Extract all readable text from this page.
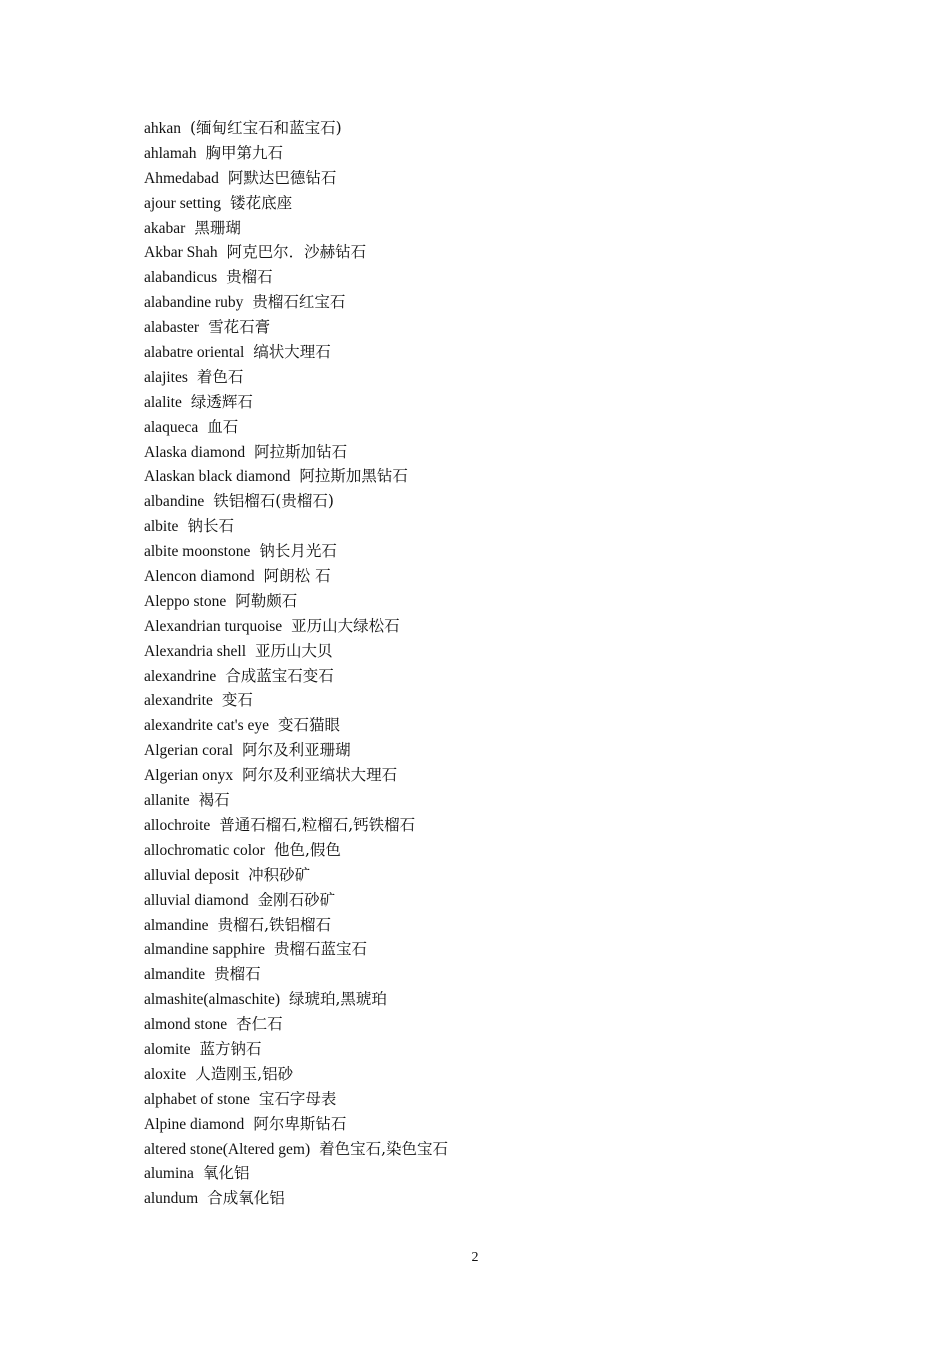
ahkan (缅甸红宝石和蓝宝石)
ahlamah 胸甲第九石
Ahmedabad 阿默达巴德钻石
ajour setting 镂花底座
akabar 黑珊瑚
Akbar Shah 阿克巴尔．沙赫钻石
alabandicus 贵榴石
alabandine ruby 贵榴石红宝石
alabaster 雪花石膏
alabatre oriental 缟状大理石
alajites 着色石
alalite 绿透辉石
alaqueca 血石
Alaska diamond 阿拉斯加钻石
Alaskan black diamond 阿拉斯加黑钻石
albandine 铁铝榴石(贵榴石)
albite 钠长石
albite moonstone 钠长月光石
Alencon diamond 阿朗松 石
Aleppo stone 阿勒颇石
Alexandrian turquoise 亚历山大绿松石
Alexandria shell 亚历山大贝
alexandrine 合成蓝宝石变石
alexandrite 变石
alexandrite cat's eye 变石猫眼
Algerian coral 阿尔及利亚珊瑚
Algerian onyx 阿尔及利亚缟状大理石
allanite 褐石
allochroite 普通石榴石,粒榴石,钙铁榴石
allochromatic color 他色,假色
alluvial deposit 冲积砂矿
alluvial diamond 金刚石砂矿
almandine 贵榴石,铁铝榴石
almandine sapphire 贵榴石蓝宝石
almandite 贵榴石
almashite(almaschite) 绿琥珀,黑琥珀
almond stone 杏仁石
alomite 蓝方钠石
aloxite 人造刚玉,铝砂
alphabet of stone 宝石字母表
Alpine diamond 阿尔卑斯钻石
altered stone(Altered gem) 着色宝石,染色宝石
alumina 氧化铝
alundum 合成氧化铝
2
